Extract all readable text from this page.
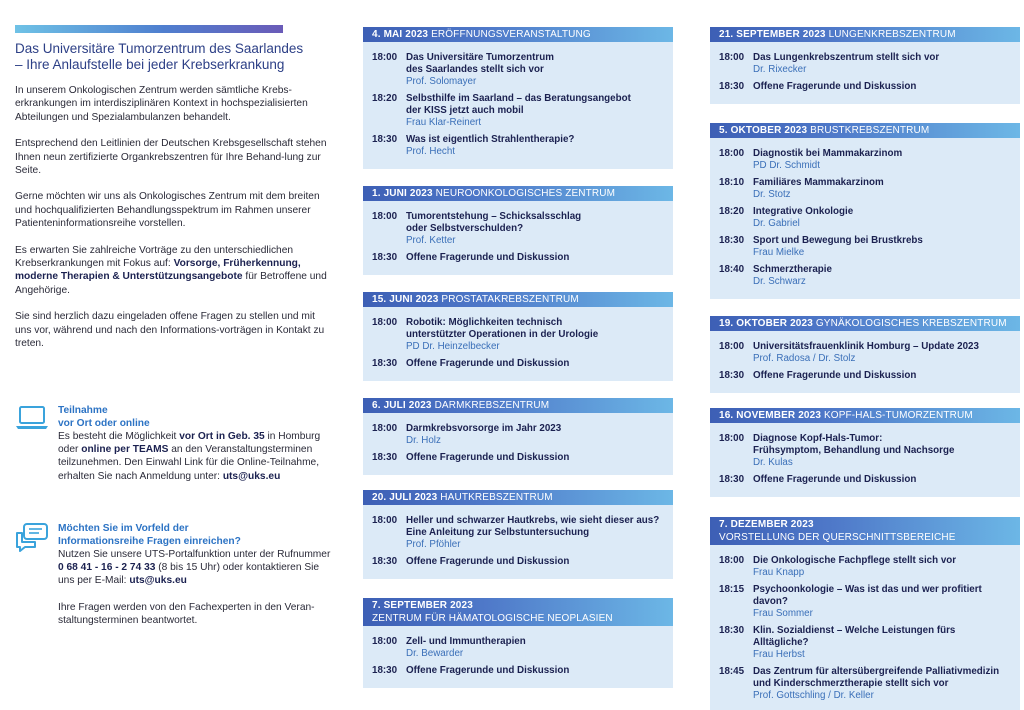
Das Universitäre Tumorzentrum des Saarlandes
– Ihre Anlaufstelle bei jeder Krebserkrankung

In unserem Onkologischen Zentrum werden sämtliche Krebs-erkrankungen im interdisziplinären Kontext in hochspezialisierten Abteilungen und Spezialambulanzen behandelt.

Entsprechend den Leitlinien der Deutschen Krebsgesellschaft stehen Ihnen neun zertifizierte Organkrebszentren für Ihre Behand-lung zur Seite.

Gerne möchten wir uns als Onkologisches Zentrum mit dem breiten und hochqualifizierten Behandlungsspektrum im Rahmen unserer Patienteninformationsreihe vorstellen.

Es erwarten Sie zahlreiche Vorträge zu den unterschiedlichen Krebserkrankungen mit Fokus auf: Vorsorge, Früherkennung, moderne Therapien & Unterstützungsangebote für Betroffene und Angehörige.

Sie sind herzlich dazu eingeladen offene Fragen zu stellen und mit uns vor, während und nach den Informations-vorträgen in Kontakt zu treten.

Teilnahme
vor Ort oder online
Es besteht die Möglichkeit vor Ort in Geb. 35 in Homburg oder online per TEAMS an den Veranstaltungsterminen teilzunehmen. Den Einwahl Link für die Online-Teilnahme, erhalten Sie nach Anmeldung unter: uts@uks.eu
Möchten Sie im Vorfeld der
Informationsreihe Fragen einreichen?
Nutzen Sie unsere UTS-Portalfunktion unter der Rufnummer 0 68 41 - 16 - 2 74 33 (8 bis 15 Uhr) oder kontaktieren Sie uns per E-Mail: uts@uks.eu
Ihre Fragen werden von den Fachexperten in den Veran-staltungsterminen beantwortet.
4. MAI 2023 ERÖFFNUNGSVERANSTALTUNG
18:00 Das Universitäre Tumorzentrum
des Saarlandes stellt sich vor
Prof. Solomayer
18:20 Selbsthilfe im Saarland – das Beratungsangebot
der KISS jetzt auch mobil
Frau Klar-Reinert
18:30 Was ist eigentlich Strahlentherapie?
Prof. Hecht
1. JUNI 2023 NEUROONKOLOGISCHES ZENTRUM
18:00 Tumorentstehung – Schicksalsschlag
oder Selbstverschulden?
Prof. Ketter
18:30 Offene Fragerunde und Diskussion
15. JUNI 2023 PROSTATAKREBSZENTRUM
18:00 Robotik: Möglichkeiten technisch
unterstützter Operationen in der Urologie
PD Dr. Heinzelbecker
18:30 Offene Fragerunde und Diskussion
6. JULI 2023 DARMKREBSZENTRUM
18:00 Darmkrebsvorsorge im Jahr 2023
Dr. Holz
18:30 Offene Fragerunde und Diskussion
20. JULI 2023 HAUTKREBSZENTRUM
18:00 Heller und schwarzer Hautkrebs, wie sieht dieser aus?
Eine Anleitung zur Selbstuntersuchung
Prof. Pföhler
18:30 Offene Fragerunde und Diskussion
7. SEPTEMBER 2023
ZENTRUM FÜR HÄMATOLOGISCHE NEOPLASIEN
18:00 Zell- und Immuntherapien
Dr. Bewarder
18:30 Offene Fragerunde und Diskussion
21. SEPTEMBER 2023 LUNGENKREBSZENTRUM
18:00 Das Lungenkrebszentrum stellt sich vor
Dr. Rixecker
18:30 Offene Fragerunde und Diskussion
5. OKTOBER 2023 BRUSTKREBSZENTRUM
18:00 Diagnostik bei Mammakarzinom
PD Dr. Schmidt
18:10 Familiäres Mammakarzinom
Dr. Stotz
18:20 Integrative Onkologie
Dr. Gabriel
18:30 Sport und Bewegung bei Brustkrebs
Frau Mielke
18:40 Schmerztherapie
Dr. Schwarz
19. OKTOBER 2023 GYNÄKOLOGISCHES KREBSZENTRUM
18:00 Universitätsfrauenklinik Homburg – Update 2023
Prof. Radosa / Dr. Stolz
18:30 Offene Fragerunde und Diskussion
16. NOVEMBER 2023 KOPF-HALS-TUMORZENTRUM
18:00 Diagnose Kopf-Hals-Tumor:
Frühsymptom, Behandlung und Nachsorge
Dr. Kulas
18:30 Offene Fragerunde und Diskussion
7. DEZEMBER 2023
VORSTELLUNG DER QUERSCHNITTSBEREICHE
18:00 Die Onkologische Fachpflege stellt sich vor
Frau Knapp
18:15 Psychoonkologie – Was ist das und wer profitiert davon?
Frau Sommer
18:30 Klin. Sozialdienst – Welche Leistungen fürs Alltägliche?
Frau Herbst
18:45 Das Zentrum für altersübergreifende Palliativmedizin
und Kinderschmerztherapie stellt sich vor
Prof. Gottschling / Dr. Keller
